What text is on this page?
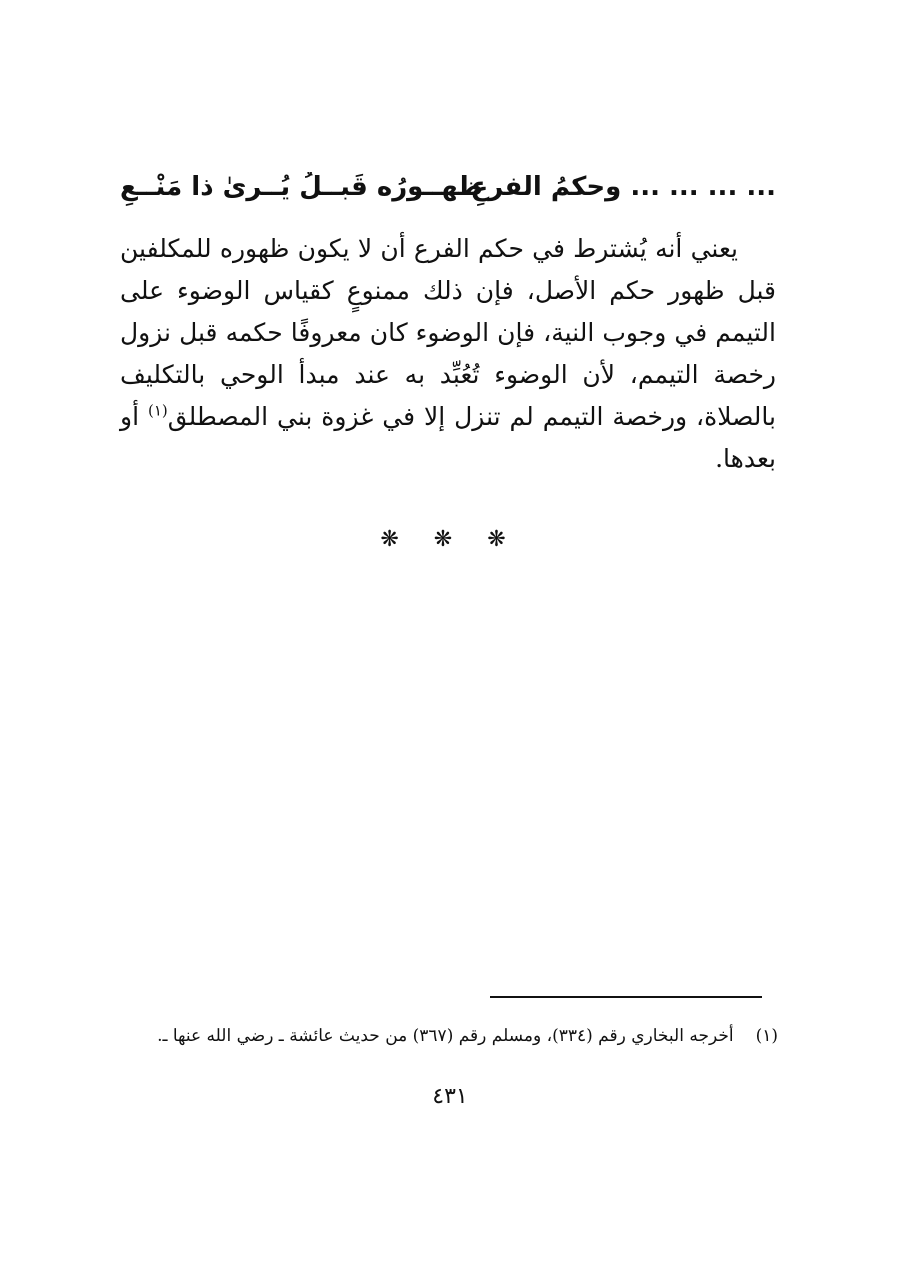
... ... ... ... وحكمُ الفرعِ
ظهــورُه قَبــلُ يُــرىٰ ذا مَنْــعِ

يعني أنه يُشترط في حكم الفرع أن لا يكون ظهوره للمكلفين قبل ظهور حكم الأصل، فإن ذلك ممنوعٍ كقياس الوضوء على التيمم في وجوب النية، فإن الوضوء كان معروفًا حكمه قبل نزول رخصة التيمم، لأن الوضوء تُعُبِّد به عند مبدأ الوحي بالتكليف بالصلاة، ورخصة التيمم لم تنزل إلا في غزوة بني المصطلق$^{(١)}$ أو بعدها.

❋ ❋ ❋
(١)أخرجه البخاري رقم (٣٣٤)، ومسلم رقم (٣٦٧) من حديث عائشة ـ رضي الله عنها ـ.
٤٣١
